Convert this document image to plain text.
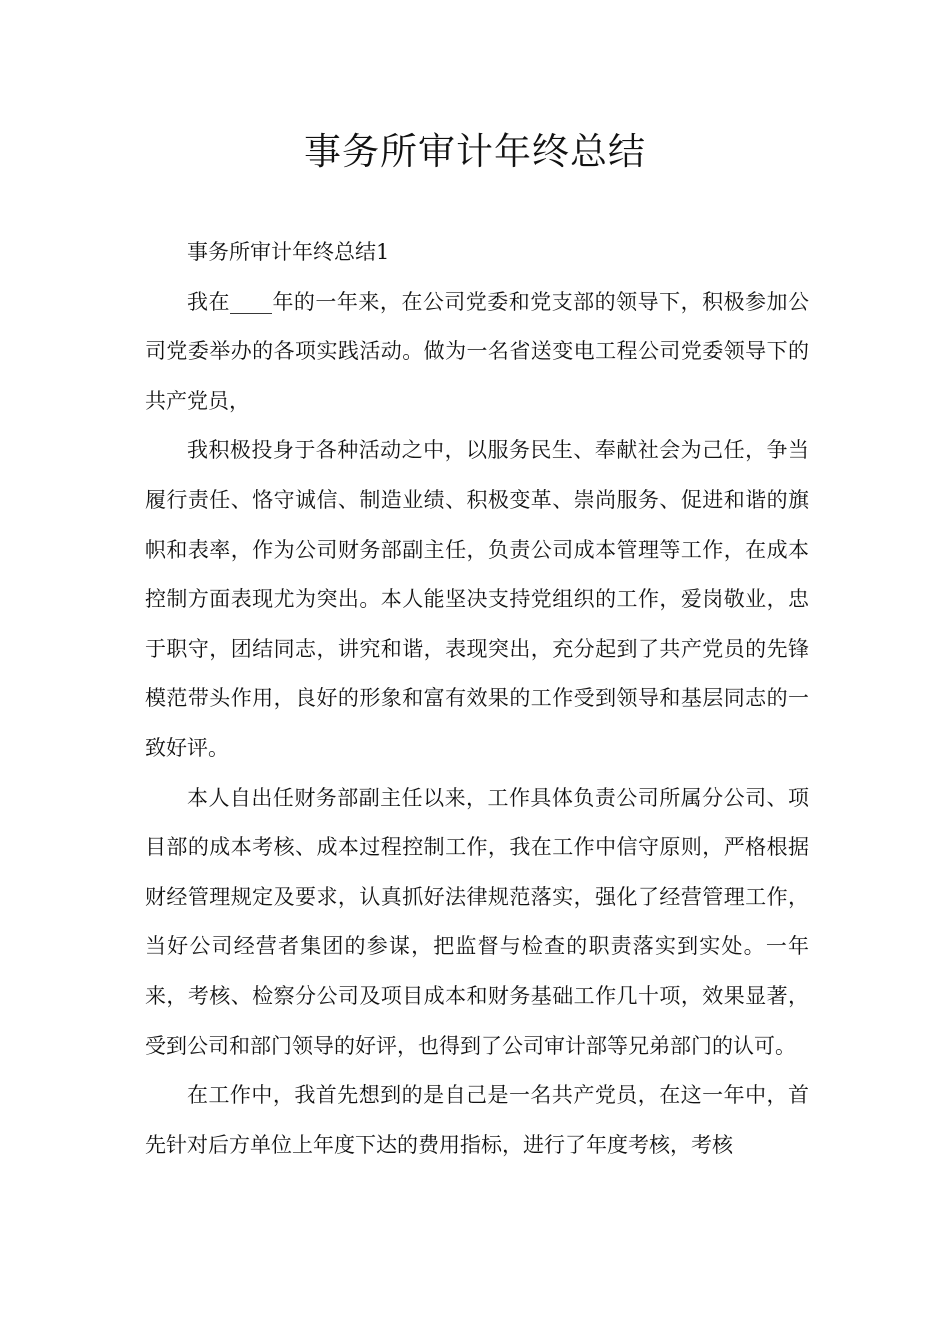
事务所审计年终总结

事务所审计年终总结1

我在____年的一年来，在公司党委和党支部的领导下，积极参加公司党委举办的各项实践活动。做为一名省送变电工程公司党委领导下的共产党员，

我积极投身于各种活动之中，以服务民生、奉献社会为己任，争当履行责任、恪守诚信、制造业绩、积极变革、崇尚服务、促进和谐的旗帜和表率，作为公司财务部副主任，负责公司成本管理等工作，在成本控制方面表现尤为突出。本人能坚决支持党组织的工作，爱岗敬业，忠于职守，团结同志，讲究和谐，表现突出，充分起到了共产党员的先锋模范带头作用，良好的形象和富有效果的工作受到领导和基层同志的一致好评。

本人自出任财务部副主任以来，工作具体负责公司所属分公司、项目部的成本考核、成本过程控制工作，我在工作中信守原则，严格根据财经管理规定及要求，认真抓好法律规范落实，强化了经营管理工作，当好公司经营者集团的参谋，把监督与检查的职责落实到实处。一年来，考核、检察分公司及项目成本和财务基础工作几十项，效果显著，受到公司和部门领导的好评，也得到了公司审计部等兄弟部门的认可。

在工作中，我首先想到的是自己是一名共产党员，在这一年中，首先针对后方单位上年度下达的费用指标，进行了年度考核，考核
